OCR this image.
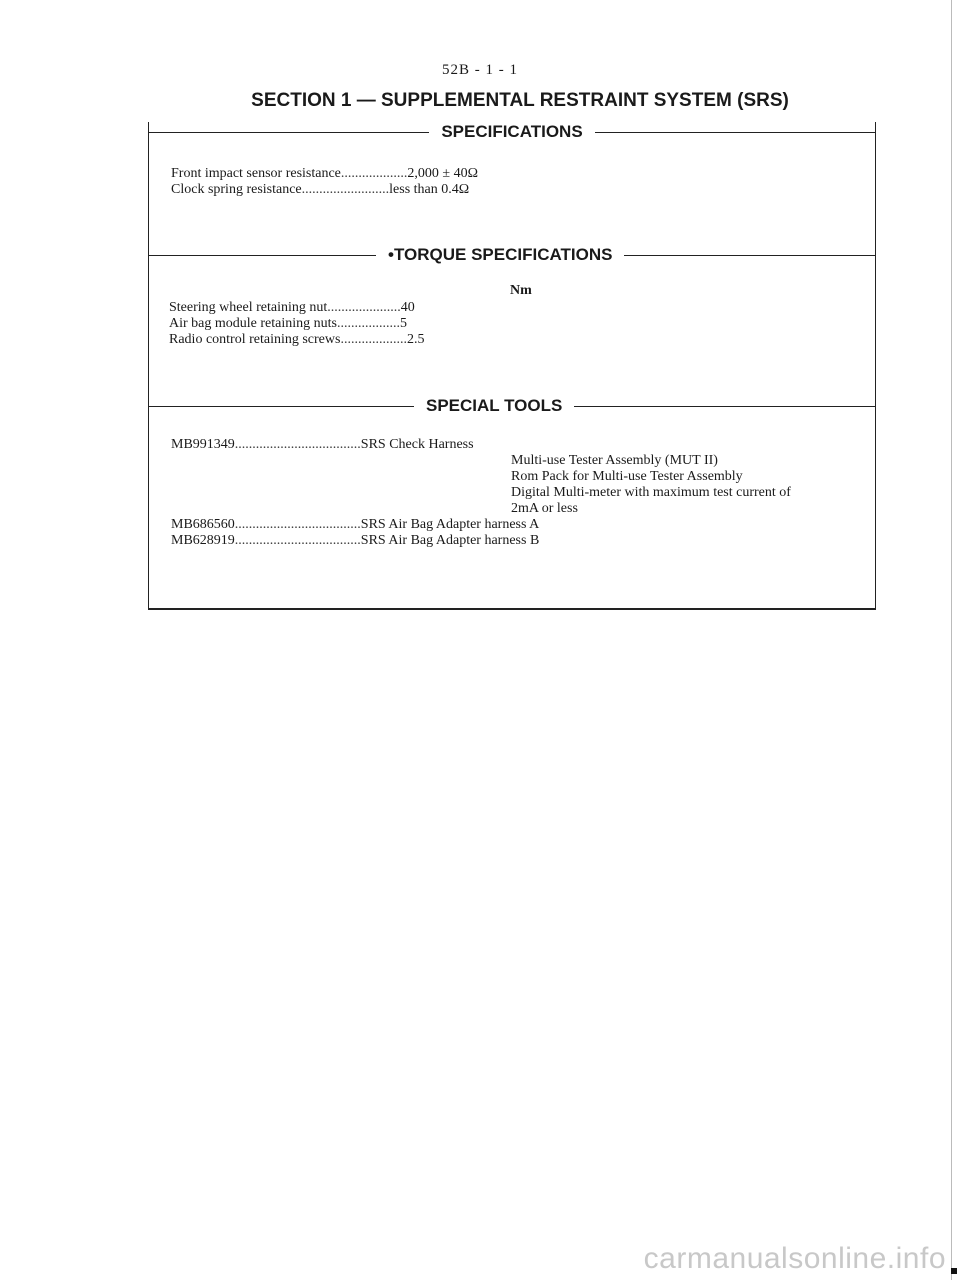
52B - 1 - 1
SECTION 1 — SUPPLEMENTAL RESTRAINT SYSTEM (SRS)
SPECIFICATIONS
Front impact sensor resistance...................2,000 ± 40Ω
Clock spring resistance.........................less than 0.4Ω
•TORQUE SPECIFICATIONS
Nm
Steering wheel retaining nut.....................40
Air bag module retaining nuts..................5
Radio control retaining screws...................2.5
SPECIAL TOOLS
MB991349....................................SRS Check Harness
Multi-use Tester Assembly (MUT II)
Rom Pack for Multi-use Tester Assembly
Digital Multi-meter with maximum test current of
2mA or less
MB686560....................................SRS Air Bag Adapter harness A
MB628919....................................SRS Air Bag Adapter harness B
carmanualsonline.info
